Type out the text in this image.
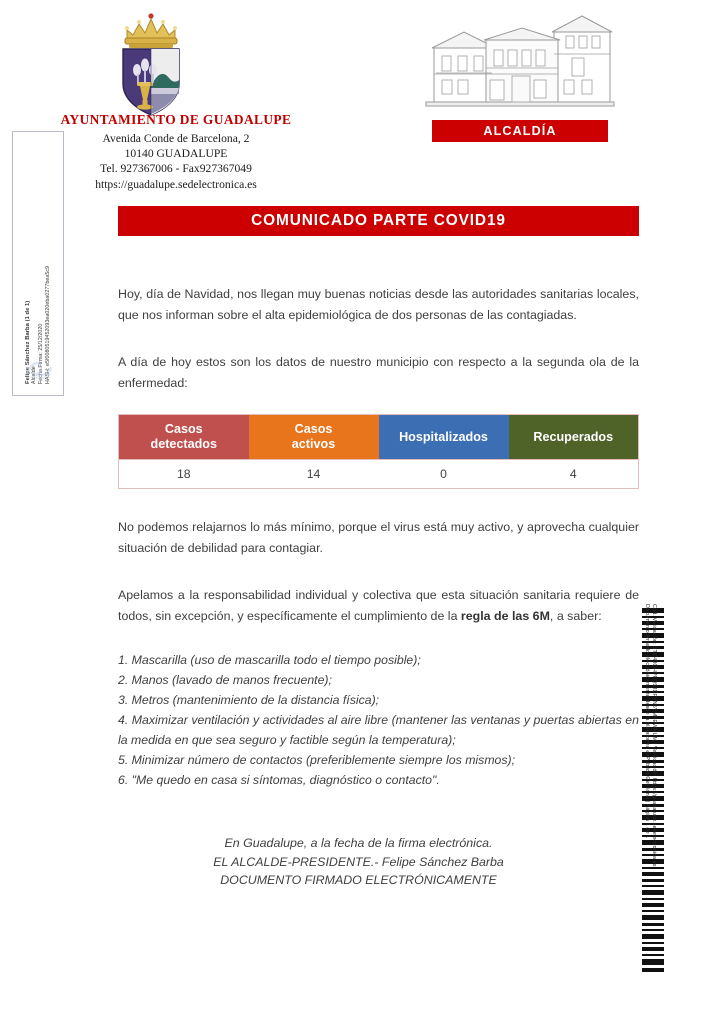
Felipe Sánchez Barba (1 de 1) Alcalde Fecha Firma: 25/12/2020 HASH: e5f0080519452093ea020eba0277bea5c9
AYUNTAMIENTO DE GUADALUPE
Avenida Conde de Barcelona, 2
10140 GUADALUPE
Tel. 927367006 - Fax927367049
https://guadalupe.sedelectronica.es
ALCALDÍA
COMUNICADO PARTE COVID19

Hoy, día de Navidad, nos llegan muy buenas noticias desde las autoridades sanitarias locales, que nos informan sobre el alta epidemiológica de dos personas de las contagiadas.

A día de hoy estos son los datos de nuestro municipio con respecto a la segunda ola de la enfermedad:

Casos
detectados	Casos
activos	Hospitalizados	Recuperados
18	14	0	4

No podemos relajarnos lo más mínimo, porque el virus está muy activo, y aprovecha cualquier situación de debilidad para contagiar.

Apelamos a la responsabilidad individual y colectiva que esta situación sanitaria requiere de todos, sin excepción, y específicamente el cumplimiento de la regla de las 6M, a saber:

1. Mascarilla (uso de mascarilla todo el tiempo posible);

2. Manos (lavado de manos frecuente);

3. Metros (mantenimiento de la distancia física);

4. Maximizar ventilación y actividades al aire libre (mantener las ventanas y puertas abiertas en la medida en que sea seguro y factible según la temperatura);

5. Minimizar número de contactos (preferiblemente siempre los mismos);

6. "Me quedo en casa si síntomas, diagnóstico o contacto".

En Guadalupe, a la fecha de la firma electrónica.
EL ALCALDE-PRESIDENTE.- Felipe Sánchez Barba
DOCUMENTO FIRMADO ELECTRÓNICAMENTE
Cód. Validación: 3TG43QHPFQ9JDFYN5YM4EWNUM | Verificación: https://guadalupe.sedelectronica.es
Documento firmado electrónicamente desde la plataforma esPublico Gestiona | Página 1 de 1
